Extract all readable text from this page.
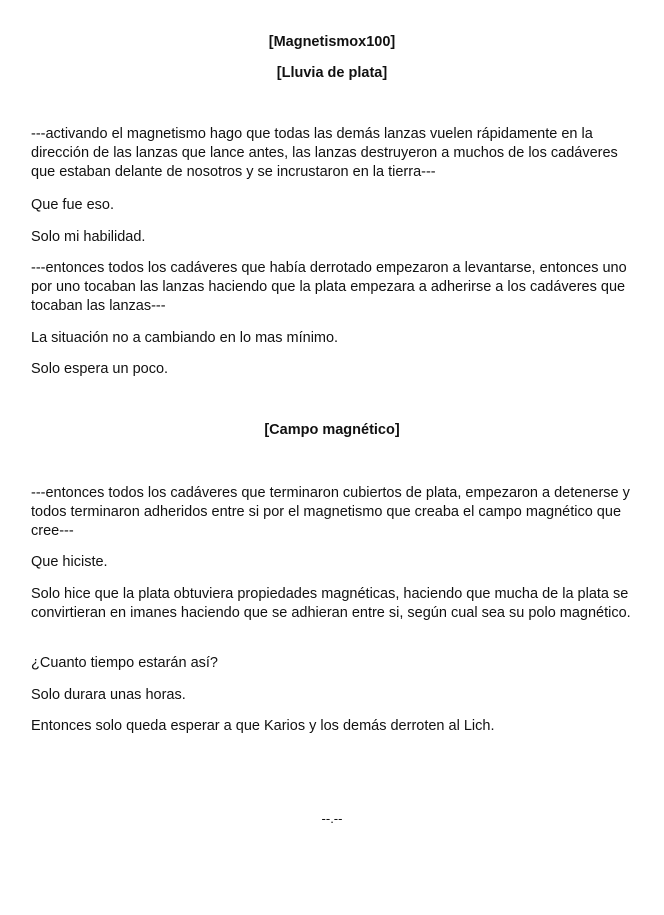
[Magnetismox100]

[Lluvia de plata]

---activando el magnetismo hago que todas las demás lanzas vuelen rápidamente en la dirección de las lanzas que lance antes, las lanzas destruyeron a muchos de los cadáveres que estaban delante de nosotros y se incrustaron en la tierra---

Que fue eso.

Solo mi habilidad.

---entonces todos los cadáveres que había derrotado empezaron a levantarse, entonces uno por uno tocaban las lanzas haciendo que la plata empezara a adherirse a los cadáveres que tocaban las lanzas---

La situación no a cambiando en lo mas mínimo.

Solo espera un poco.

[Campo magnético]

---entonces todos los cadáveres que terminaron cubiertos de plata, empezaron a detenerse y todos terminaron adheridos entre si por el magnetismo que creaba el campo magnético que cree---

Que hiciste.

Solo hice que la plata obtuviera propiedades magnéticas, haciendo que mucha de la plata se convirtieran en imanes haciendo que se adhieran entre si, según cual sea su polo magnético.

¿Cuanto tiempo estarán así?

Solo durara unas horas.

Entonces solo queda esperar a que Karios y los demás derroten al Lich.

--.--
